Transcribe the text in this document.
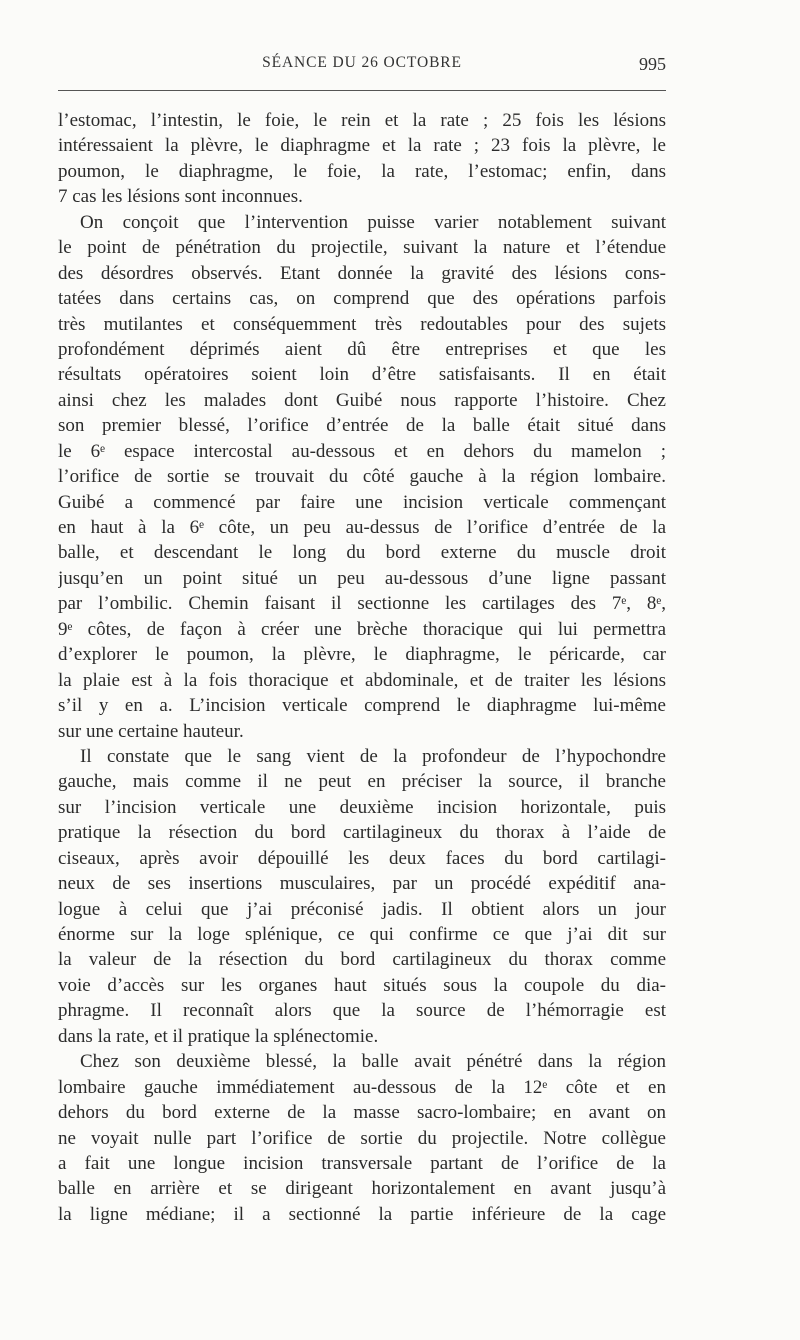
SÉANCE DU 26 OCTOBRE	995
l’estomac, l’intestin, le foie, le rein et la rate ; 25 fois les lésions
intéressaient la plèvre, le diaphragme et la rate ; 23 fois la plèvre, le
poumon, le diaphragme, le foie, la rate, l’estomac; enfin, dans
7 cas les lésions sont inconnues.
On conçoit que l’intervention puisse varier notablement suivant
le point de pénétration du projectile, suivant la nature et l’étendue
des désordres observés. Etant donnée la gravité des lésions cons-
tatées dans certains cas, on comprend que des opérations parfois
très mutilantes et conséquemment très redoutables pour des sujets
profondément déprimés aient dû être entreprises et que les
résultats opératoires soient loin d’être satisfaisants. Il en était
ainsi chez les malades dont Guibé nous rapporte l’histoire. Chez
son premier blessé, l’orifice d’entrée de la balle était situé dans
le 6ᵉ espace intercostal au-dessous et en dehors du mamelon ;
l’orifice de sortie se trouvait du côté gauche à la région lombaire.
Guibé a commencé par faire une incision verticale commençant
en haut à la 6ᵉ côte, un peu au-dessus de l’orifice d’entrée de la
balle, et descendant le long du bord externe du muscle droit
jusqu’en un point situé un peu au-dessous d’une ligne passant
par l’ombilic. Chemin faisant il sectionne les cartilages des 7ᵉ, 8ᵉ,
9ᵉ côtes, de façon à créer une brèche thoracique qui lui permettra
d’explorer le poumon, la plèvre, le diaphragme, le péricarde, car
la plaie est à la fois thoracique et abdominale, et de traiter les lésions
s’il y en a. L’incision verticale comprend le diaphragme lui-même
sur une certaine hauteur.
Il constate que le sang vient de la profondeur de l’hypochondre
gauche, mais comme il ne peut en préciser la source, il branche
sur l’incision verticale une deuxième incision horizontale, puis
pratique la résection du bord cartilagineux du thorax à l’aide de
ciseaux, après avoir dépouillé les deux faces du bord cartilagi-
neux de ses insertions musculaires, par un procédé expéditif ana-
logue à celui que j’ai préconisé jadis. Il obtient alors un jour
énorme sur la loge splénique, ce qui confirme ce que j’ai dit sur
la valeur de la résection du bord cartilagineux du thorax comme
voie d’accès sur les organes haut situés sous la coupole du dia-
phragme. Il reconnaît alors que la source de l’hémorragie est
dans la rate, et il pratique la splénectomie.
Chez son deuxième blessé, la balle avait pénétré dans la région
lombaire gauche immédiatement au-dessous de la 12ᵉ côte et en
dehors du bord externe de la masse sacro-lombaire; en avant on
ne voyait nulle part l’orifice de sortie du projectile. Notre collègue
a fait une longue incision transversale partant de l’orifice de la
balle en arrière et se dirigeant horizontalement en avant jusqu’à
la ligne médiane; il a sectionné la partie inférieure de la cage
